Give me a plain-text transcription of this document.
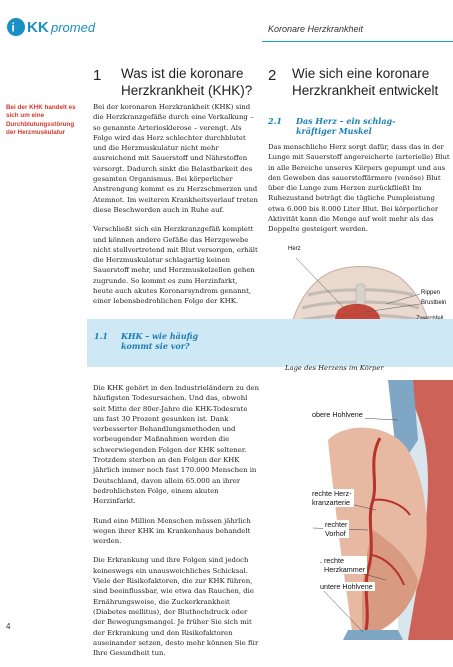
i KK promed	Koronare Herzkrankheit
Bei der KHK handelt es sich um eine Durchblutungsstörung der Herzmuskulatur
1 Was ist die koronare
Herzkrankheit (KHK)?

Bei der koronaren Herzkrankheit (KHK) sind die Herzkranzgefäße durch eine Verkalkung – so genannte Arteriosklerose – verengt. Als Folge wird das Herz schlechter durchblutet und die Herzmuskulatur nicht mehr ausreichend mit Sauerstoff und Nährstoffen versorgt. Dadurch sinkt die Belastbarkeit des gesamten Organismus. Bei körperlicher Anstrengung kommt es zu Herzschmerzen und Atemnot. Im weiteren Krankheitsverlauf treten diese Beschwerden auch in Ruhe auf.

Verschließt sich ein Herzkranzgefäß komplett und können andere Gefäße das Herzgewebe nicht stellvertretend mit Blut versorgen, erhält die Herzmuskulatur schlagartig keinen Sauerstoff mehr, und Herzmuskelzellen gehen zugrunde. So kommt es zum Herzinfarkt, heute auch akutes Koronarsyndrom genannt, einer lebensbedrohlichen Folge der KHK.

2 Wie sich eine koronare
Herzkrankheit entwickelt
2.1 Das Herz – ein schlag-
kräftiger Muskel

Das menschliche Herz sorgt dafür, dass das in der Lunge mit Sauerstoff angereicherte (arterielle) Blut in alle Bereiche unseres Körpers gepumpt und aus den Geweben das sauerstoffärmere (venöse) Blut über die Lunge zum Herzen zurückfließt Im Ruhezustand beträgt die tägliche Pumpleistung etwa 6.000 bis 8.000 Liter Blut. Bei körperlicher Aktivität kann die Menge auf weit mehr als das Doppelte gesteigert werden.

Herz
Rippen
Brustbein
1.1 KHK – wie häufig
kommt sie vor?

Die KHK gehört in den Industrieländern zu den häufigsten Todesursachen. Und das, obwohl seit Mitte der 80er-Jahre die KHK-Todesrate um fast 30 Prozent gesunken ist. Dank verbesserter Behandlungsmethoden und vorbeugender Maßnahmen werden die schwerwiegenden Folgen der KHK seltener. Trotzdem sterben an den Folgen der KHK jährlich immer noch fast 170.000 Menschen in Deutschland, davon allein 65.000 an ihrer bedrohlichsten Folge, einem akuten Herzinfarkt.

Rund eine Million Menschen müssen jährlich wegen ihrer KHK im Krankenhaus behandelt werden.

Die Erkrankung und ihre Folgen sind jedoch keineswegs ein unausweichliches Schicksal. Viele der Risikofaktoren, die zur KHK führen, sind beeinflussbar, wie etwa das Rauchen, die Ernährungsweise, die Zuckerkrankheit (Diabetes mellitus), der Bluthochdruck oder der Bewegungsmangel. Je früher Sie sich mit der Erkrankung und den Risikofaktoren auseinander setzen, desto mehr können Sie für Ihre Gesundheit tun.

Lage des Herzens im Körper
obere Hohlvene
rechte Herz-
kranzarterie
rechter
Vorhof
rechte
Herzkammer
untere Hohlvene
4
